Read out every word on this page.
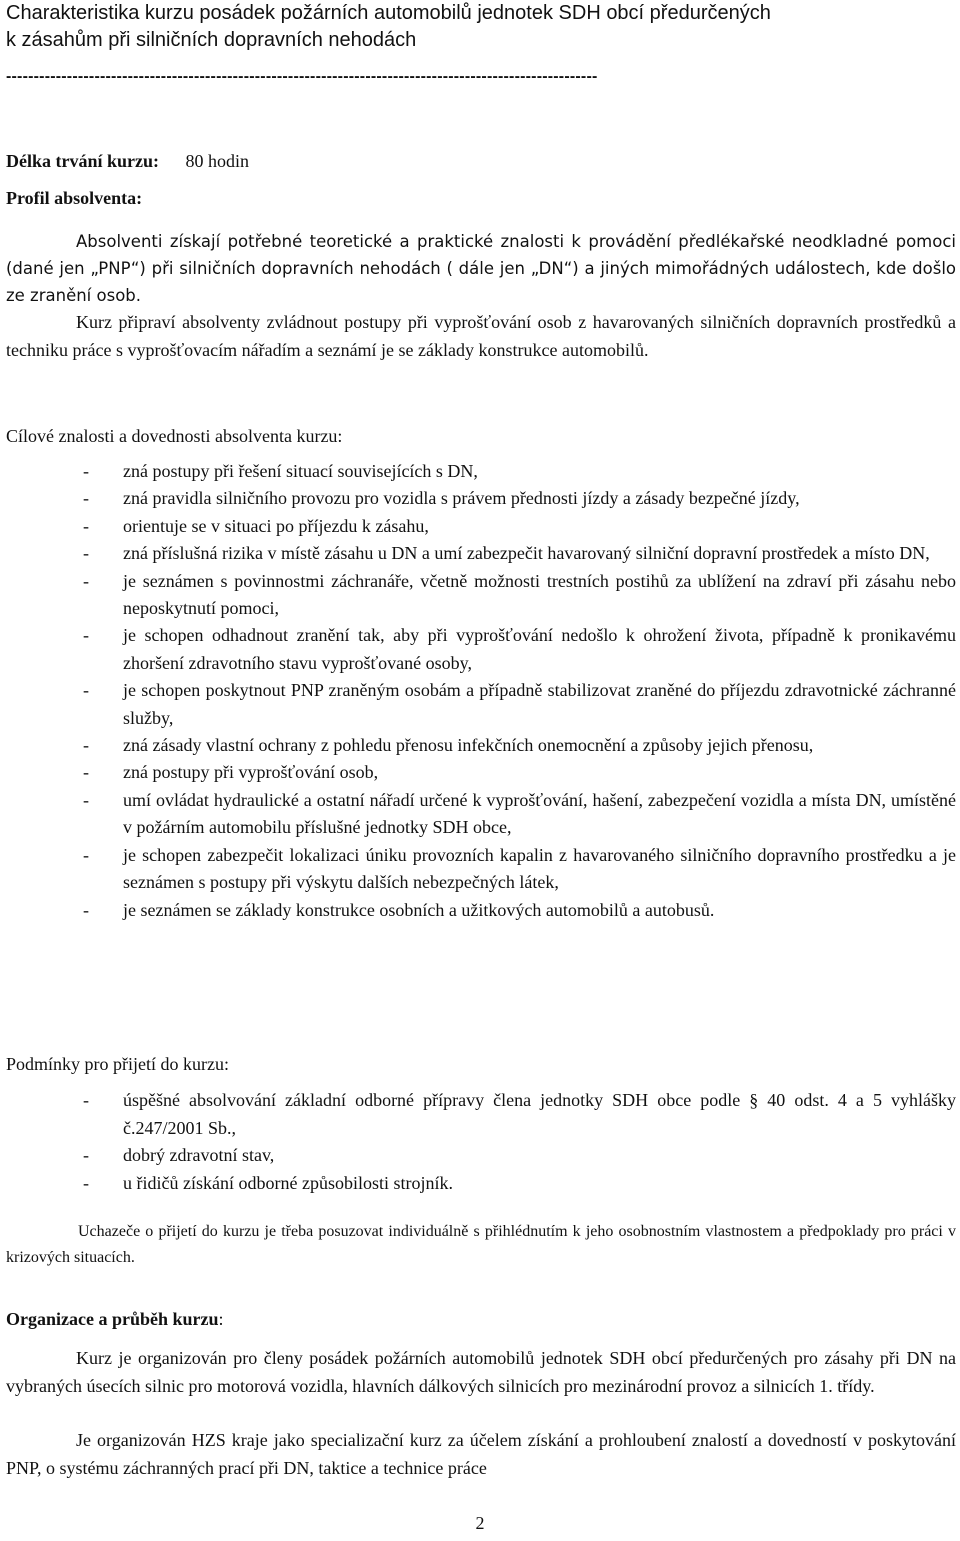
Charakteristika kurzu posádek požárních automobilů jednotek SDH obcí předurčených
k zásahům při silničních dopravních nehodách
-----------------------------------------------------------------------------------------------------------
Délka trvání kurzu: 80 hodin
Profil absolventa:
Absolventi získají potřebné teoretické a praktické znalosti k provádění předlékařské neodkladné pomoci (dané jen „PNP“) při silničních dopravních nehodách ( dále jen „DN“) a jiných mimořádných událostech, kde došlo ze zranění osob.
Kurz připraví absolventy zvládnout postupy při vyprošťování osob z havarovaných silničních dopravních prostředků a techniku práce s vyprošťovacím nářadím a seznámí je se základy konstrukce automobilů.
Cílové znalosti a dovednosti absolventa kurzu:
- zná postupy při řešení situací souvisejících s DN,
- zná pravidla silničního provozu pro vozidla s právem přednosti jízdy a zásady bezpečné jízdy,
- orientuje se v situaci po příjezdu k zásahu,
- zná příslušná rizika v místě zásahu u DN a umí zabezpečit havarovaný silniční dopravní prostředek a místo DN,
- je seznámen s povinnostmi záchranáře, včetně možnosti trestních postihů za ublížení na zdraví při zásahu nebo neposkytnutí pomoci,
- je schopen odhadnout zranění tak, aby při vyprošťování nedošlo k ohrožení života, případně k pronikavému zhoršení zdravotního stavu vyprošťované osoby,
- je schopen poskytnout PNP zraněným osobám a případně stabilizovat zraněné do příjezdu zdravotnické záchranné služby,
- zná zásady vlastní ochrany z pohledu přenosu infekčních onemocnění a způsoby jejich přenosu,
- zná postupy při vyprošťování osob,
- umí ovládat hydraulické a ostatní nářadí určené k vyprošťování, hašení, zabezpečení vozidla a místa DN, umístěné v požárním automobilu příslušné jednotky SDH obce,
- je schopen zabezpečit lokalizaci úniku provozních kapalin z havarovaného silničního dopravního prostředku a je seznámen s postupy při výskytu dalších nebezpečných látek,
- je seznámen se základy konstrukce osobních a užitkových automobilů a autobusů.
Podmínky pro přijetí do kurzu:
- úspěšné absolvování základní odborné přípravy člena jednotky SDH obce podle § 40 odst. 4 a 5 vyhlášky č.247/2001 Sb.,
- dobrý zdravotní stav,
- u řidičů získání odborné způsobilosti strojník.
Uchazeče o přijetí do kurzu je třeba posuzovat individuálně s přihlédnutím k jeho osobnostním vlastnostem a předpoklady pro práci v krizových situacích.
Organizace a průběh kurzu:
Kurz je organizován pro členy posádek požárních automobilů jednotek SDH obcí předurčených pro zásahy při DN na vybraných úsecích silnic pro motorová vozidla, hlavních dálkových silnicích pro mezinárodní provoz a silnicích 1. třídy.
Je organizován HZS kraje jako specializační kurz za účelem získání a prohloubení znalostí a dovedností v poskytování PNP, o systému záchranných prací při DN, taktice a technice práce
2
